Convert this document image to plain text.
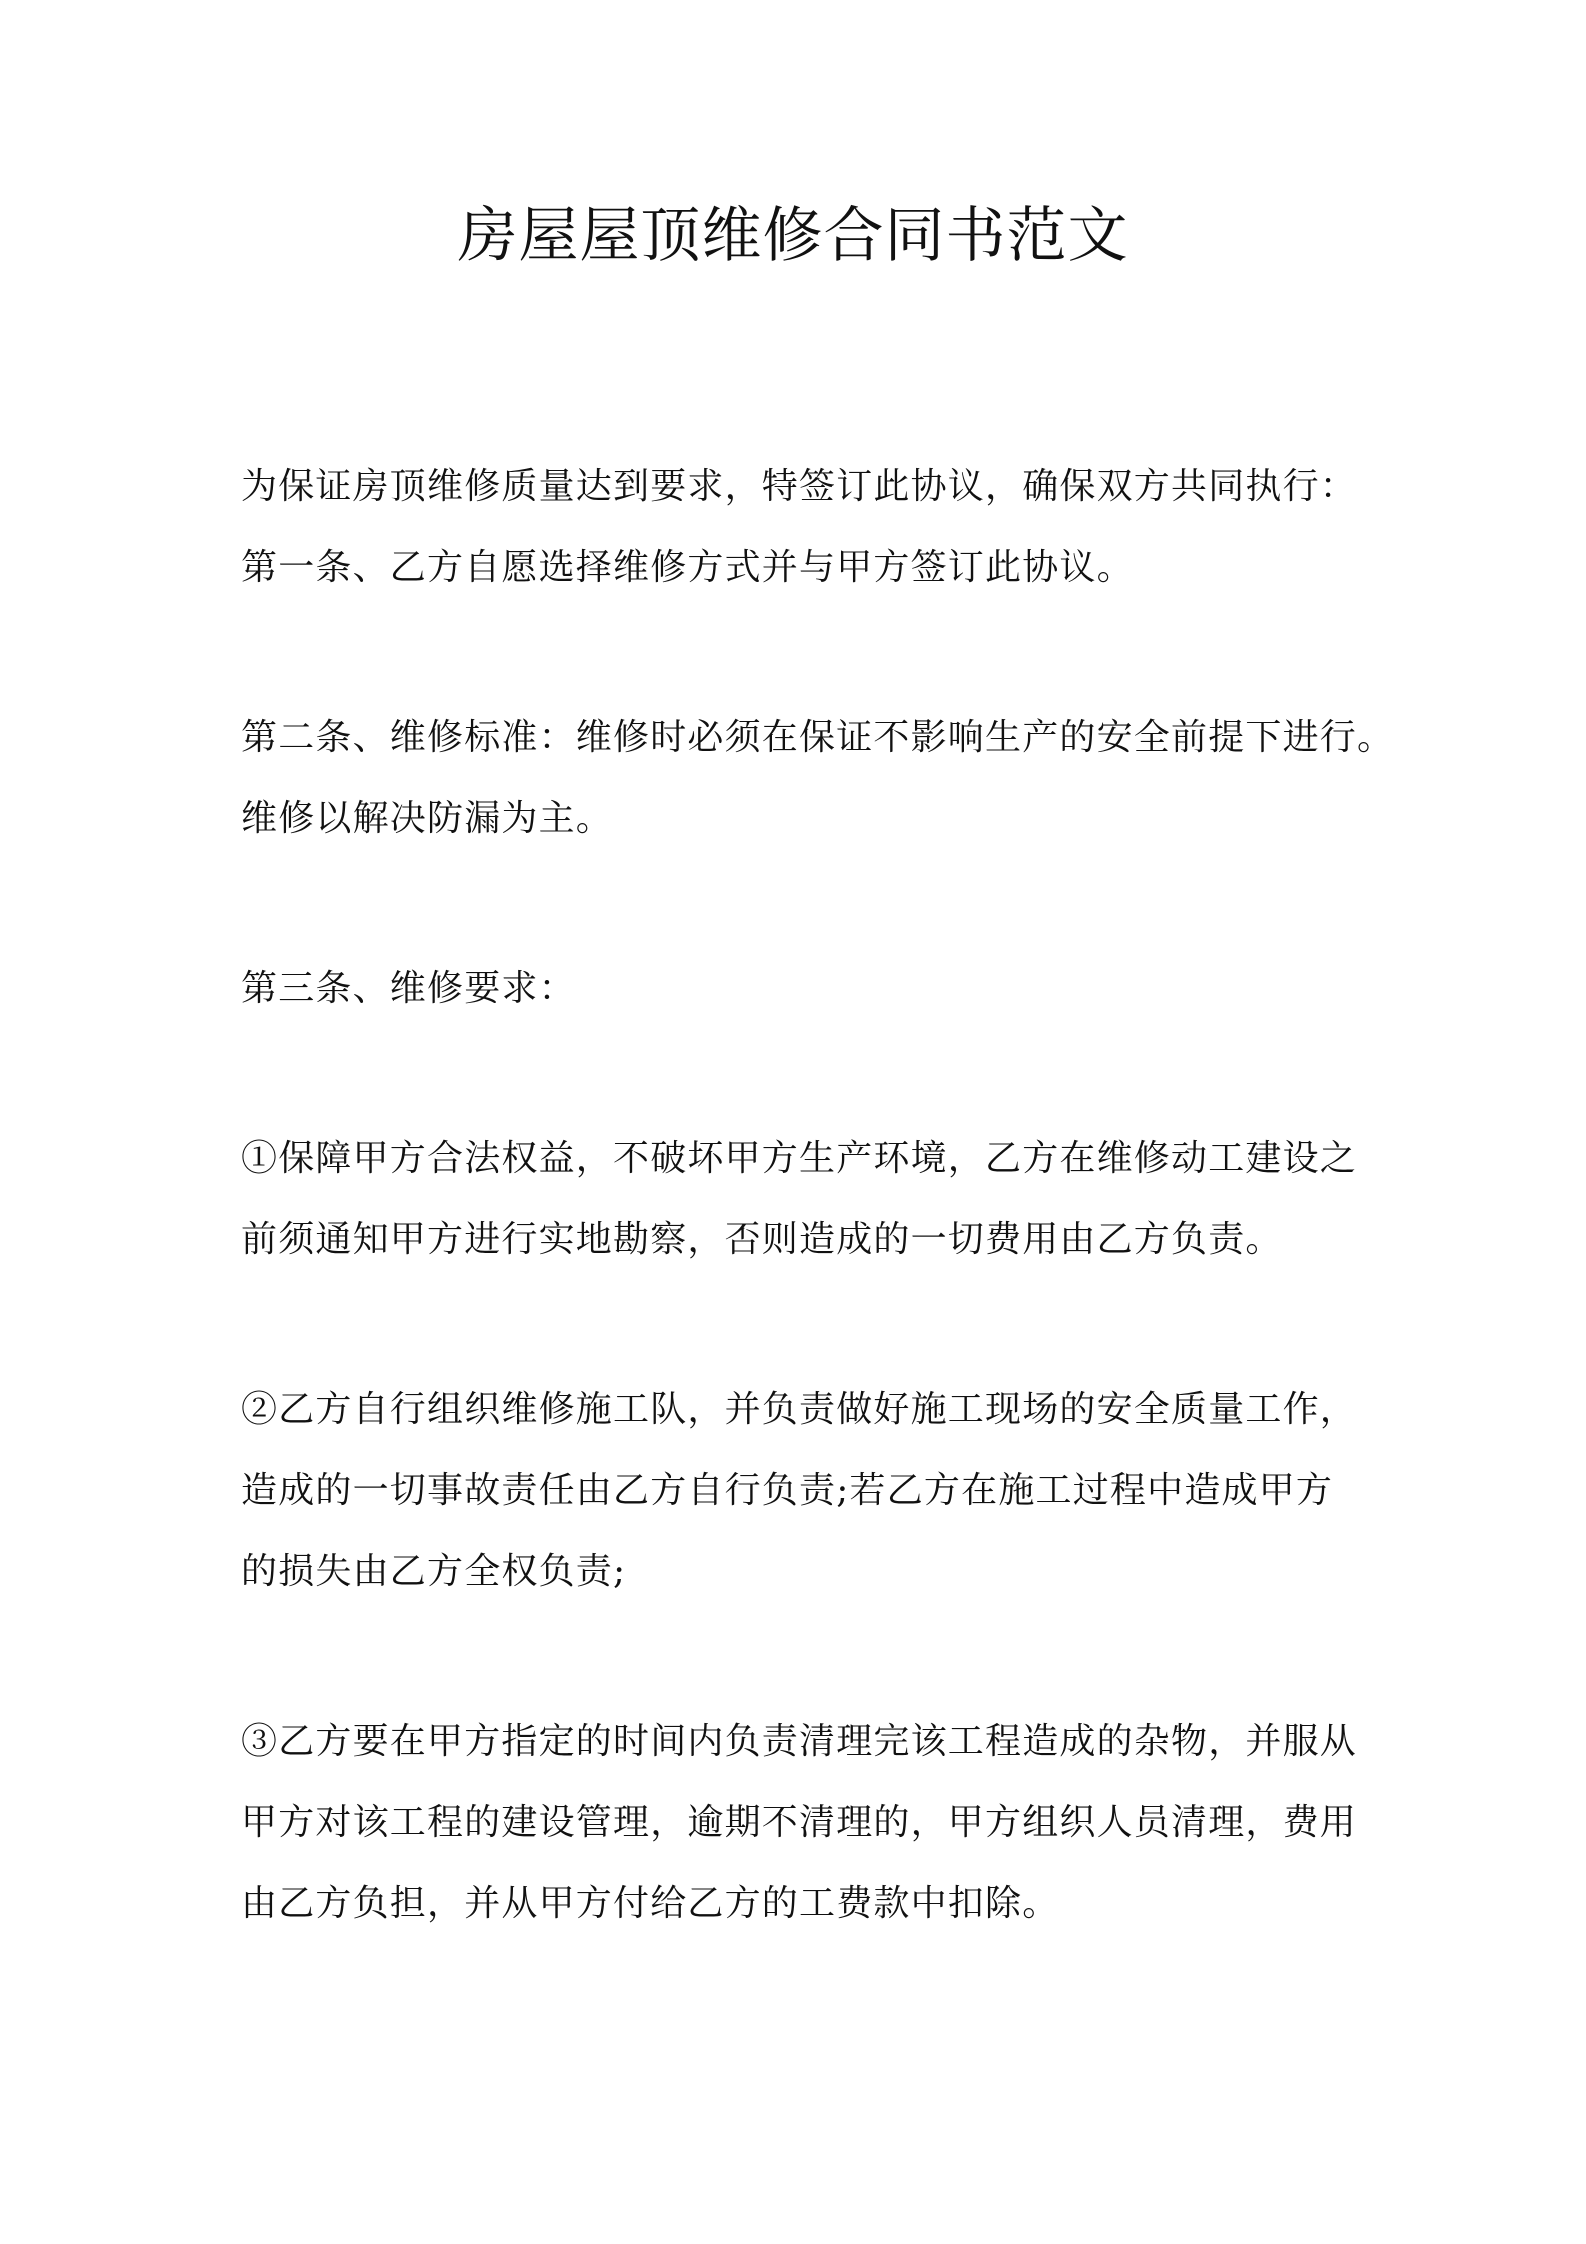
房屋屋顶维修合同书范文
为保证房顶维修质量达到要求，特签订此协议，确保双方共同执行：
第一条、乙方自愿选择维修方式并与甲方签订此协议。
第二条、维修标准：维修时必须在保证不影响生产的安全前提下进行。
维修以解决防漏为主。
第三条、维修要求：
①保障甲方合法权益，不破坏甲方生产环境，乙方在维修动工建设之
前须通知甲方进行实地勘察，否则造成的一切费用由乙方负责。
②乙方自行组织维修施工队，并负责做好施工现场的安全质量工作，
造成的一切事故责任由乙方自行负责;若乙方在施工过程中造成甲方
的损失由乙方全权负责;
③乙方要在甲方指定的时间内负责清理完该工程造成的杂物，并服从
甲方对该工程的建设管理，逾期不清理的，甲方组织人员清理，费用
由乙方负担，并从甲方付给乙方的工费款中扣除。
